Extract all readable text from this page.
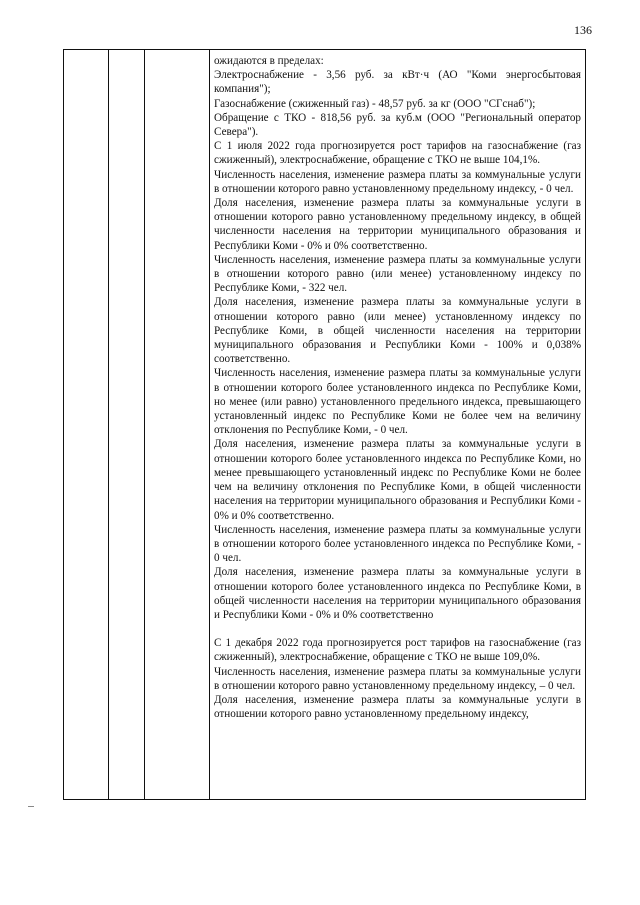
136

ожидаются в пределах:

Электроснабжение - 3,56 руб. за кВт·ч (АО "Коми энергосбытовая компания");

Газоснабжение (сжиженный газ) - 48,57 руб. за кг (ООО "СГснаб");

Обращение с ТКО - 818,56 руб. за куб.м (ООО "Региональный оператор Севера").

С 1 июля 2022 года прогнозируется рост тарифов на газоснабжение (газ сжиженный), электроснабжение, обращение с ТКО не выше 104,1%.

Численность населения, изменение размера платы за коммунальные услуги в отношении которого равно установленному предельному индексу, - 0 чел.

Доля населения, изменение размера платы за коммунальные услуги в отношении которого равно установленному предельному индексу, в общей численности населения на территории муниципального образования и Республики Коми - 0% и 0% соответственно.

Численность населения, изменение размера платы за коммунальные услуги в отношении которого равно (или менее) установленному индексу по Республике Коми, - 322 чел.

Доля населения, изменение размера платы за коммунальные услуги в отношении которого равно (или менее) установленному индексу по Республике Коми, в общей численности населения на территории муниципального образования и Республики Коми - 100% и 0,038% соответственно.

Численность населения, изменение размера платы за коммунальные услуги в отношении которого более установленного индекса по Республике Коми, но менее (или равно) установленного предельного индекса, превышающего установленный индекс по Республике Коми не более чем на величину отклонения по Республике Коми, - 0 чел.

Доля населения, изменение размера платы за коммунальные услуги в отношении которого более установленного индекса по Республике Коми, но менее превышающего установленный индекс по Республике Коми не более чем на величину отклонения по Республике Коми, в общей численности населения на территории муниципального образования и Республики Коми - 0% и 0% соответственно.

Численность населения, изменение размера платы за коммунальные услуги в отношении которого более установленного индекса по Республике Коми, - 0 чел.

Доля населения, изменение размера платы за коммунальные услуги в отношении которого более установленного индекса по Республике Коми, в общей численности населения на территории муниципального образования и Республики Коми - 0% и 0% соответственно

С 1 декабря 2022 года прогнозируется рост тарифов на газоснабжение (газ сжиженный), электроснабжение, обращение с ТКО не выше 109,0%.

Численность населения, изменение размера платы за коммунальные услуги в отношении которого равно установленному предельному индексу, – 0 чел.

Доля населения, изменение размера платы за коммунальные услуги в отношении которого равно установленному предельному индексу,
